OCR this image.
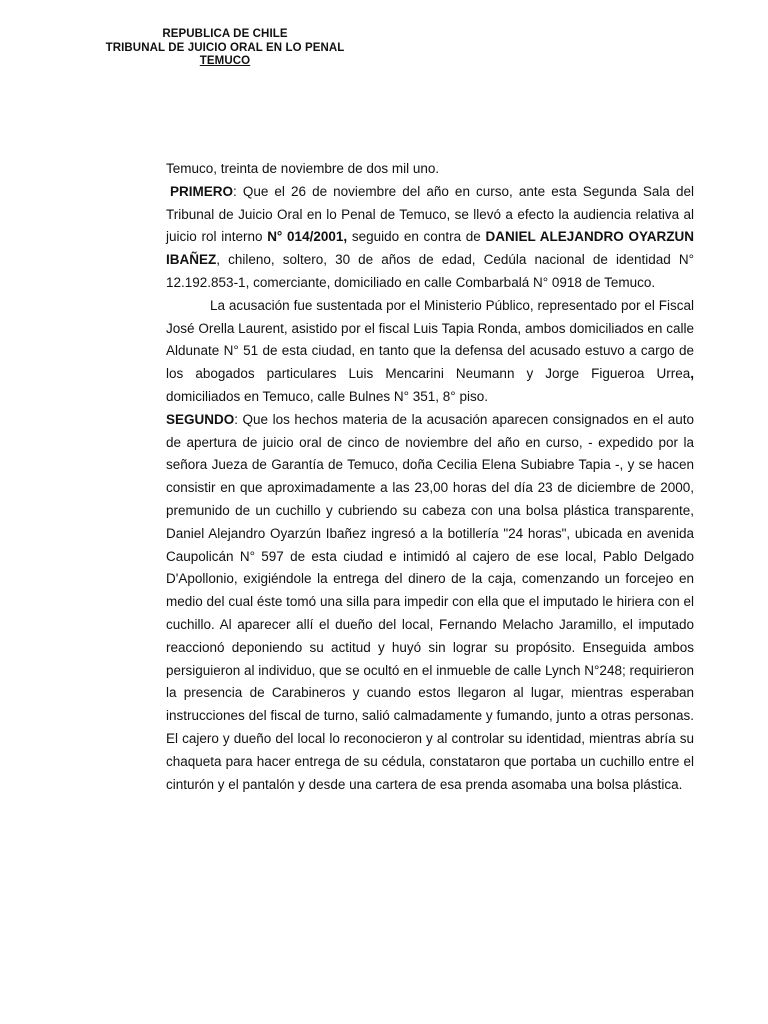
REPUBLICA DE CHILE
TRIBUNAL DE JUICIO ORAL EN LO PENAL
TEMUCO

Temuco, treinta de noviembre de dos mil uno.

PRIMERO: Que el 26 de noviembre del año en curso, ante esta Segunda Sala del Tribunal de Juicio Oral en lo Penal de Temuco, se llevó a efecto la audiencia relativa al juicio rol interno N° 014/2001, seguido en contra de DANIEL ALEJANDRO OYARZUN IBAÑEZ, chileno, soltero, 30 de años de edad, Cedúla nacional de identidad N° 12.192.853-1, comerciante, domiciliado en calle Combarbalá N° 0918 de Temuco.

La acusación fue sustentada por el Ministerio Público, representado por el Fiscal José Orella Laurent, asistido por el fiscal Luis Tapia Ronda, ambos domiciliados en calle Aldunate N° 51 de esta ciudad, en tanto que la defensa del acusado estuvo a cargo de los abogados particulares Luis Mencarini Neumann y Jorge Figueroa Urrea, domiciliados en Temuco, calle Bulnes N° 351, 8° piso.

SEGUNDO: Que los hechos materia de la acusación aparecen consignados en el auto de apertura de juicio oral de cinco de noviembre del año en curso, - expedido por la señora Jueza de Garantía de Temuco, doña Cecilia Elena Subiabre Tapia -, y se hacen consistir en que aproximadamente a las 23,00 horas del día 23 de diciembre de 2000, premunido de un cuchillo y cubriendo su cabeza con una bolsa plástica transparente, Daniel Alejandro Oyarzún Ibañez ingresó a la botillería "24 horas", ubicada en avenida Caupolicán N° 597 de esta ciudad e intimidó al cajero de ese local, Pablo Delgado D'Apollonio, exigiéndole la entrega del dinero de la caja, comenzando un forcejeo en medio del cual éste tomó una silla para impedir con ella que el imputado le hiriera con el cuchillo. Al aparecer allí el dueño del local, Fernando Melacho Jaramillo, el imputado reaccionó deponiendo su actitud y huyó sin lograr su propósito. Enseguida ambos persiguieron al individuo, que se ocultó en el inmueble de calle Lynch N°248; requirieron la presencia de Carabineros y cuando estos llegaron al lugar, mientras esperaban instrucciones del fiscal de turno, salió calmadamente y fumando, junto a otras personas. El cajero y dueño del local lo reconocieron y al controlar su identidad, mientras abría su chaqueta para hacer entrega de su cédula, constataron que portaba un cuchillo entre el cinturón y el pantalón y desde una cartera de esa prenda asomaba una bolsa plástica.
